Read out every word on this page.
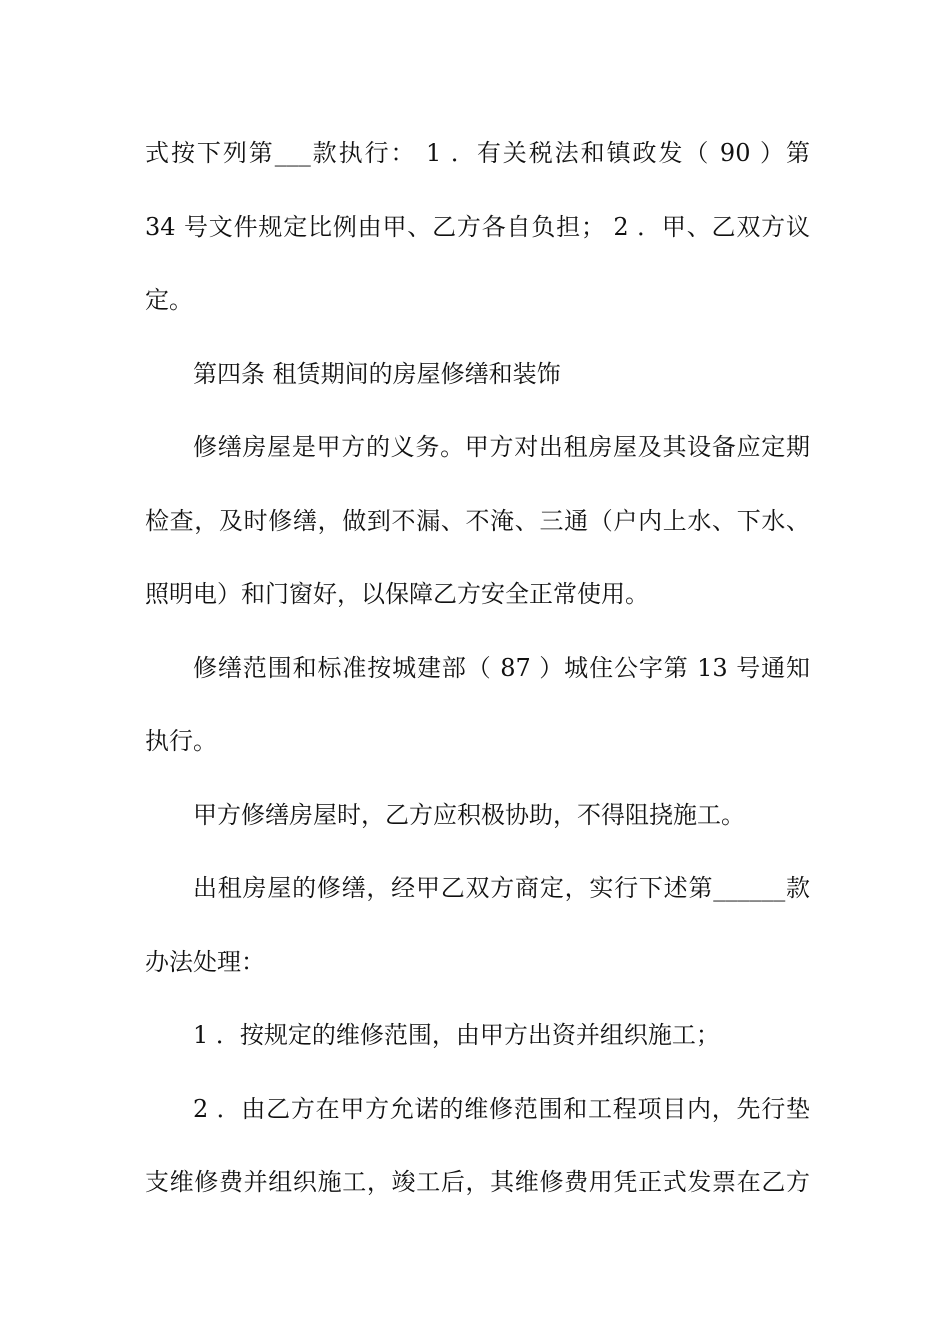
式按下列第___款执行： 1 ．有关税法和镇政发（ 90 ）第
34 号文件规定比例由甲、乙方各自负担； 2 ．甲、乙双方议
定。
第四条 租赁期间的房屋修缮和装饰
修缮房屋是甲方的义务。甲方对出租房屋及其设备应定期
检查，及时修缮，做到不漏、不淹、三通（户内上水、下水、
照明电）和门窗好，以保障乙方安全正常使用。
修缮范围和标准按城建部（ 87 ）城住公字第 13 号通知
执行。
甲方修缮房屋时，乙方应积极协助，不得阻挠施工。
出租房屋的修缮，经甲乙双方商定，实行下述第______款
办法处理：
1 ．按规定的维修范围，由甲方出资并组织施工；
2 ．由乙方在甲方允诺的维修范围和工程项目内，先行垫
支维修费并组织施工，竣工后，其维修费用凭正式发票在乙方
